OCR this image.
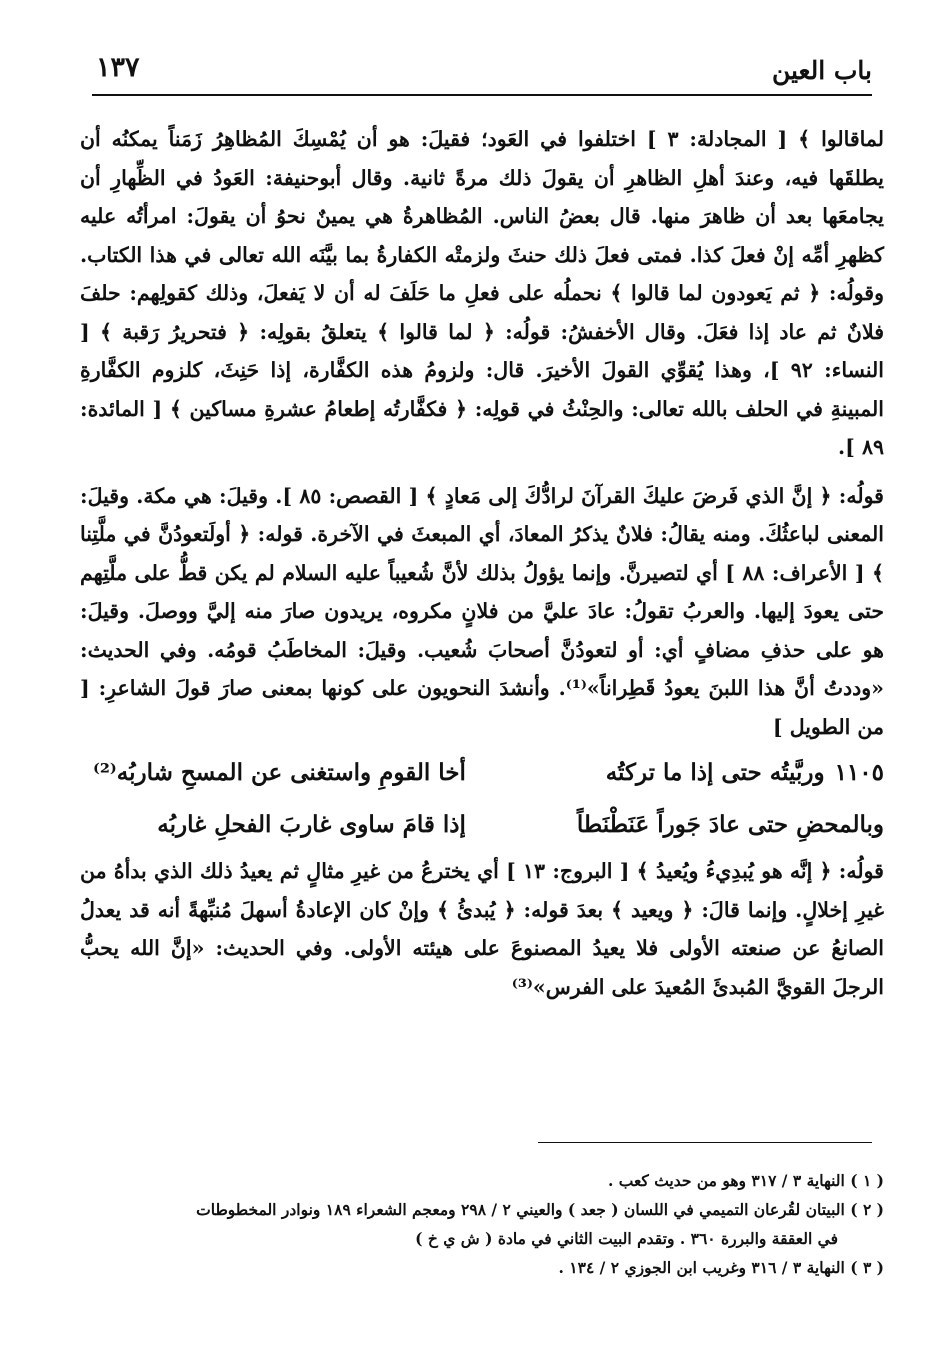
باب العين
١٣٧

لماقالوا ﴾ [ المجادلة: ٣ ] اختلفوا في العَود؛ فقيلَ: هو أن يُمْسِكَ المُظاهِرُ زَمَناً يمكنُه أن يطلقَها فيه، وعندَ أهلِ الظاهرِ أن يقولَ ذلك مرةً ثانية. وقال أبوحنيفة: العَودُ في الظِّهارِ أن يجامعَها بعد أن ظاهرَ منها. قال بعضُ الناس. المُظاهرةُ هي يمينٌ نحوُ أن يقولَ: امرأتُه عليه كظهرِ أمِّه إنْ فعلَ كذا. فمتى فعلَ ذلك حنثَ ولزمتْه الكفارةُ بما بيَّنَه الله تعالى في هذا الكتاب. وقولُه: ﴿ ثم يَعودون لما قالوا ﴾ نحملُه على فعلِ ما حَلَفَ له أن لا يَفعلَ، وذلك كقولِهم: حلفَ فلانٌ ثم عاد إذا فعَلَ. وقال الأخفشُ: قولُه: ﴿ لما قالوا ﴾ يتعلقُ بقولِه: ﴿ فتحريرُ رَقبة ﴾ [ النساء: ٩٢ ]، وهذا يُقوِّي القولَ الأخيرَ. قال: ولزومُ هذه الكفَّارة، إذا حَنِثَ، كلزوم الكفَّارةِ المبينةِ في الحلف بالله تعالى: والحِنْثُ في قولِه: ﴿ فكفَّارتُه إطعامُ عشرةِ مساكين ﴾ [ المائدة: ٨٩ ].

قولُه: ﴿ إنَّ الذي فَرضَ عليكَ القرآنَ لرادُّكَ إلى مَعادٍ ﴾ [ القصص: ٨٥ ]. وقيلَ: هي مكة. وقيلَ: المعنى لباعثُكَ. ومنه يقالُ: فلانٌ يذكرُ المعادَ، أي المبعثَ في الآخرة. قوله: ﴿ أولَتعودُنَّ في ملَّتِنا ﴾ [ الأعراف: ٨٨ ] أي لتصيرنَّ. وإنما يؤولُ بذلك لأنَّ شُعيباً عليه السلام لم يكن قطُّ على ملَّتِهم حتى يعودَ إليها. والعربُ تقولُ: عادَ عليَّ من فلانٍ مكروه، يريدون صارَ منه إليَّ ووصلَ. وقيلَ: هو على حذفِ مضافٍ أي: أو لتعودُنَّ أصحابَ شُعيب. وقيلَ: المخاطَبُ قومُه. وفي الحديث: «وددتُ أنَّ هذا اللبنَ يعودُ قَطِراناً»⁽¹⁾. وأنشدَ النحويون على كونها بمعنى صارَ قولَ الشاعرِ: [ من الطويل ]

١١٠٥وربَّيتُه حتى إذا ما تركتُه
أخا القومِ واستغنى عن المسحِ شاربُه⁽²⁾
وبالمحضِ حتى عادَ جَوراً عَنَطْنَطاً
إذا قامَ ساوى غاربَ الفحلِ غاربُه

قولُه: ﴿ إنَّه هو يُبدِيءُ ويُعيدُ ﴾ [ البروج: ١٣ ] أي يخترعُ من غيرِ مثالٍ ثم يعيدُ ذلك الذي بدأهُ من غيرِ إخلالٍ. وإنما قالَ: ﴿ ويعيد ﴾ بعدَ قوله: ﴿ يُبدئُ ﴾ وإنْ كان الإعادةُ أسهلَ مُنبِّهةً أنه قد يعدلُ الصانعُ عن صنعته الأولى فلا يعيدُ المصنوعَ على هيئته الأولى. وفي الحديث: «إنَّ الله يحبُّ الرجلَ القويَّ المُبدئَ المُعيدَ على الفرس»⁽³⁾

( ١ ) النهاية ٣ / ٣١٧ وهو من حديث كعب .

( ٢ ) البيتان لقُرعان التميمي في اللسان ( جعد ) والعيني ٢ / ٢٩٨ ومعجم الشعراء ١٨٩ ونوادر المخطوطات

في العققة والبررة ٣٦٠ . وتقدم البيت الثاني في مادة ( ش ي خ )

( ٣ ) النهاية ٣ / ٣١٦ وغريب ابن الجوزي ٢ / ١٣٤ .
